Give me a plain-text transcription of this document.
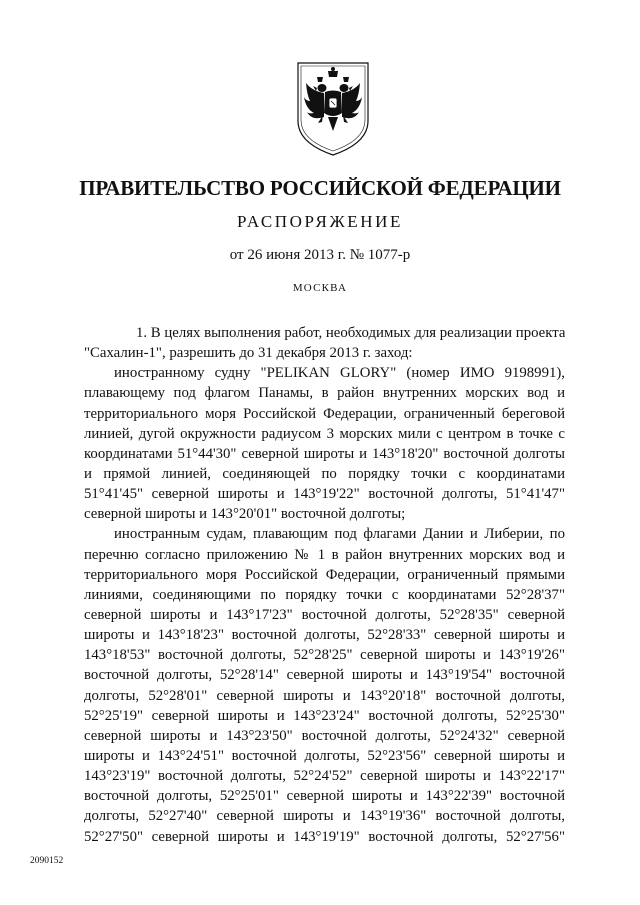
ПРАВИТЕЛЬСТВО РОССИЙСКОЙ ФЕДЕРАЦИИ
РАСПОРЯЖЕНИЕ
от 26 июня 2013 г. № 1077-р
МОСКВА
1. В целях выполнения работ, необходимых для реализации проекта
"Сахалин-1", разрешить до 31 декабря 2013 г. заход:
иностранному судну "PELIKAN GLORY" (номер ИМО 9198991),
плавающему под флагом Панамы, в район внутренних морских вод и
территориального моря Российской Федерации, ограниченный береговой
линией, дугой окружности радиусом 3 морских мили с центром в точке с
координатами 51°44'30" северной широты и 143°18'20" восточной долготы
и прямой линией, соединяющей по порядку точки с координатами
51°41'45" северной широты и 143°19'22" восточной долготы, 51°41'47"
северной широты и 143°20'01" восточной долготы;
иностранным судам, плавающим под флагами Дании и Либерии, по
перечню согласно приложению № 1 в район внутренних морских вод и
территориального моря Российской Федерации, ограниченный прямыми
линиями, соединяющими по порядку точки с координатами 52°28'37"
северной широты и 143°17'23" восточной долготы, 52°28'35" северной
широты и 143°18'23" восточной долготы, 52°28'33" северной широты и
143°18'53" восточной долготы, 52°28'25" северной широты и 143°19'26"
восточной долготы, 52°28'14" северной широты и 143°19'54" восточной
долготы, 52°28'01" северной широты и 143°20'18" восточной долготы,
52°25'19" северной широты и 143°23'24" восточной долготы, 52°25'30"
северной широты и 143°23'50" восточной долготы, 52°24'32" северной
широты и 143°24'51" восточной долготы, 52°23'56" северной широты и
143°23'19" восточной долготы, 52°24'52" северной широты и 143°22'17"
восточной долготы, 52°25'01" северной широты и 143°22'39" восточной
долготы, 52°27'40" северной широты и 143°19'36" восточной долготы,
52°27'50" северной широты и 143°19'19" восточной долготы, 52°27'56"
2090152
